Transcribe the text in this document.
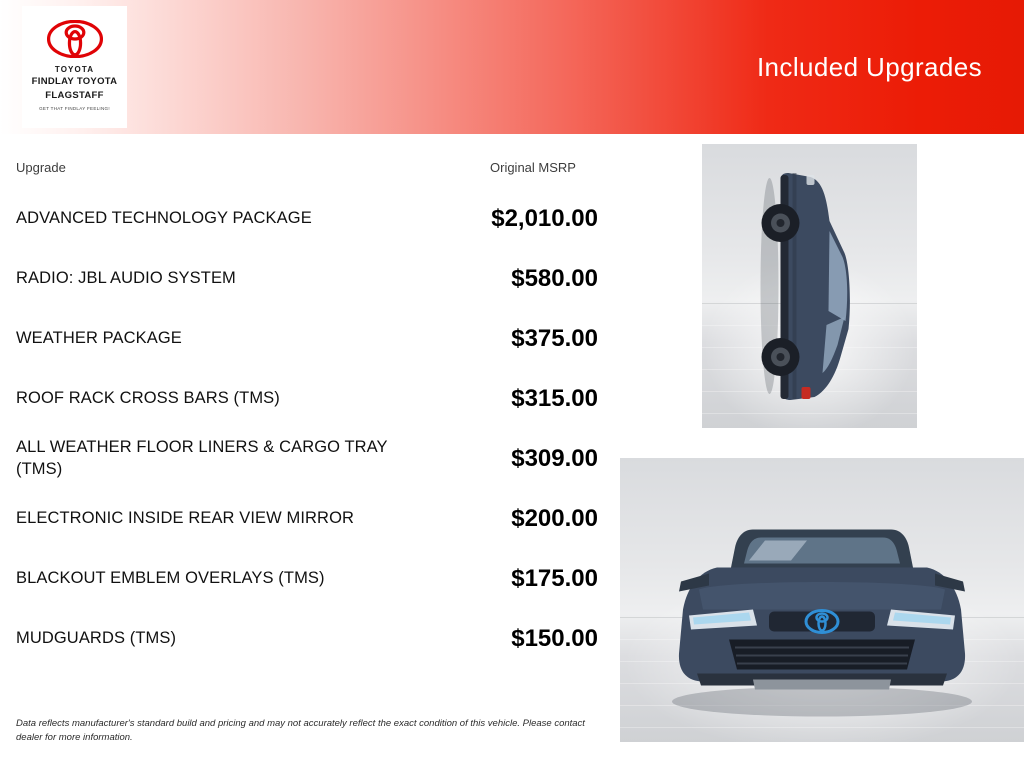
Included Upgrades
TOYOTA
FINDLAY TOYOTA
FLAGSTAFF
GET THAT FINDLAY FEELING!
Upgrade	Original MSRP
ADVANCED TECHNOLOGY PACKAGE	$2,010.00
RADIO: JBL AUDIO SYSTEM	$580.00
WEATHER PACKAGE	$375.00
ROOF RACK CROSS BARS (TMS)	$315.00
ALL WEATHER FLOOR LINERS & CARGO TRAY (TMS)	$309.00
ELECTRONIC INSIDE REAR VIEW MIRROR	$200.00
BLACKOUT EMBLEM OVERLAYS (TMS)	$175.00
MUDGUARDS (TMS)	$150.00
Data reflects manufacturer's standard build and pricing and may not accurately reflect the exact condition of this vehicle. Please contact dealer for more information.
